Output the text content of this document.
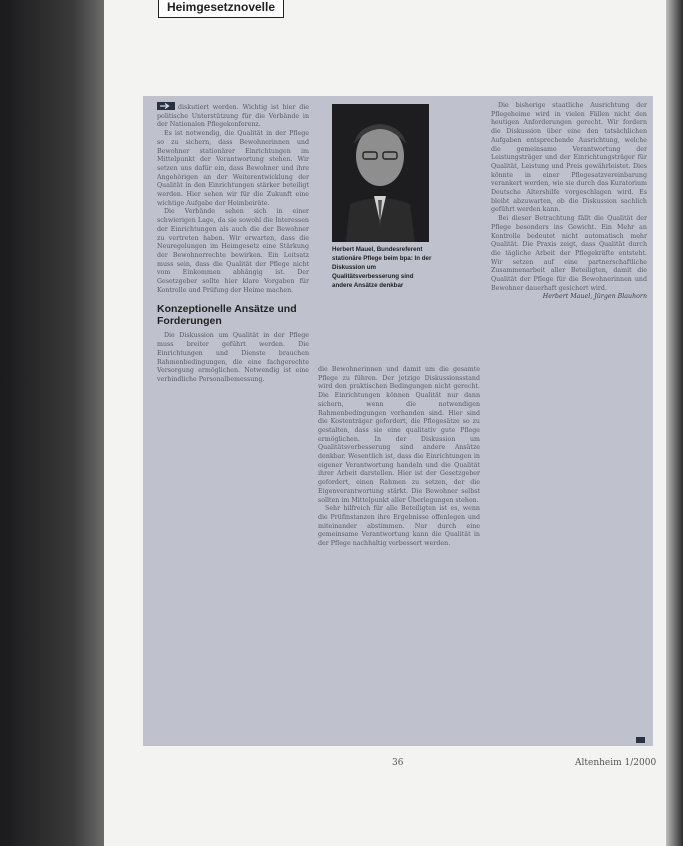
Heimgesetznovelle

diskutiert werden. Wichtig ist hier die politische Unterstützung für die Verbände in der Nationalen Pflegekonferenz.

Es ist notwendig, die Qualität in der Pflege so zu sichern, dass Bewohnerinnen und Bewohner stationärer Einrichtungen im Mittelpunkt der Verantwortung stehen. Wir setzen uns dafür ein, dass Bewohner und ihre Angehörigen an der Weiterentwicklung der Qualität in den Einrichtungen stärker beteiligt werden. Hier sehen wir für die Zukunft eine wichtige Aufgabe der Heimbeiräte.

Die Verbände sehen sich in einer schwierigen Lage, da sie sowohl die Interessen der Einrichtungen als auch die der Bewohner zu vertreten haben. Wir erwarten, dass die Neuregelungen im Heimgesetz eine Stärkung der Bewohnerrechte bewirken. Ein Leitsatz muss sein, dass die Qualität der Pflege nicht vom Einkommen abhängig ist. Der Gesetzgeber sollte hier klare Vorgaben für Kontrolle und Prüfung der Heime machen.

Konzeptionelle Ansätze und Forderungen

Die Diskussion um Qualität in der Pflege muss breiter geführt werden. Die Einrichtungen und Dienste brauchen Rahmenbedingungen, die eine fachgerechte Versorgung ermöglichen. Notwendig ist eine verbindliche Personalbemessung.

Herbert Mauel, Bundesreferent stationäre Pflege beim bpa: In der Diskussion um Qualitätsverbesserung sind andere Ansätze denkbar

die Bewohnerinnen und damit um die gesamte Pflege zu führen. Der jetzige Diskussionsstand wird den praktischen Bedingungen nicht gerecht. Die Einrichtungen können Qualität nur dann sichern, wenn die notwendigen Rahmenbedingungen vorhanden sind. Hier sind die Kostenträger gefordert, die Pflegesätze so zu gestalten, dass sie eine qualitativ gute Pflege ermöglichen. In der Diskussion um Qualitätsverbesserung sind andere Ansätze denkbar. Wesentlich ist, dass die Einrichtungen in eigener Verantwortung handeln und die Qualität ihrer Arbeit darstellen. Hier ist der Gesetzgeber gefordert, einen Rahmen zu setzen, der die Eigenverantwortung stärkt. Die Bewohner selbst sollten im Mittelpunkt aller Überlegungen stehen.

Sehr hilfreich für alle Beteiligten ist es, wenn die Prüfinstanzen ihre Ergebnisse offenlegen und miteinander abstimmen. Nur durch eine gemeinsame Verantwortung kann die Qualität in der Pflege nachhaltig verbessert werden.

Die bisherige staatliche Ausrichtung der Pflegeheime wird in vielen Fällen nicht den heutigen Anforderungen gerecht. Wir fordern die Diskussion über eine den tatsächlichen Aufgaben entsprechende Ausrichtung, welche die gemeinsame Verantwortung der Leistungsträger und der Einrichtungsträger für Qualität, Leistung und Preis gewährleistet. Dies könnte in einer Pflegesatzvereinbarung verankert werden, wie sie durch das Kuratorium Deutsche Altershilfe vorgeschlagen wird. Es bleibt abzuwarten, ob die Diskussion sachlich geführt werden kann.

Bei dieser Betrachtung fällt die Qualität der Pflege besonders ins Gewicht. Ein Mehr an Kontrolle bedeutet nicht automatisch mehr Qualität. Die Praxis zeigt, dass Qualität durch die tägliche Arbeit der Pflegekräfte entsteht. Wir setzen auf eine partnerschaftliche Zusammenarbeit aller Beteiligten, damit die Qualität der Pflege für die Bewohnerinnen und Bewohner dauerhaft gesichert wird.

Herbert Mauel, Jürgen Blauhorn

36	Altenheim 1/2000
